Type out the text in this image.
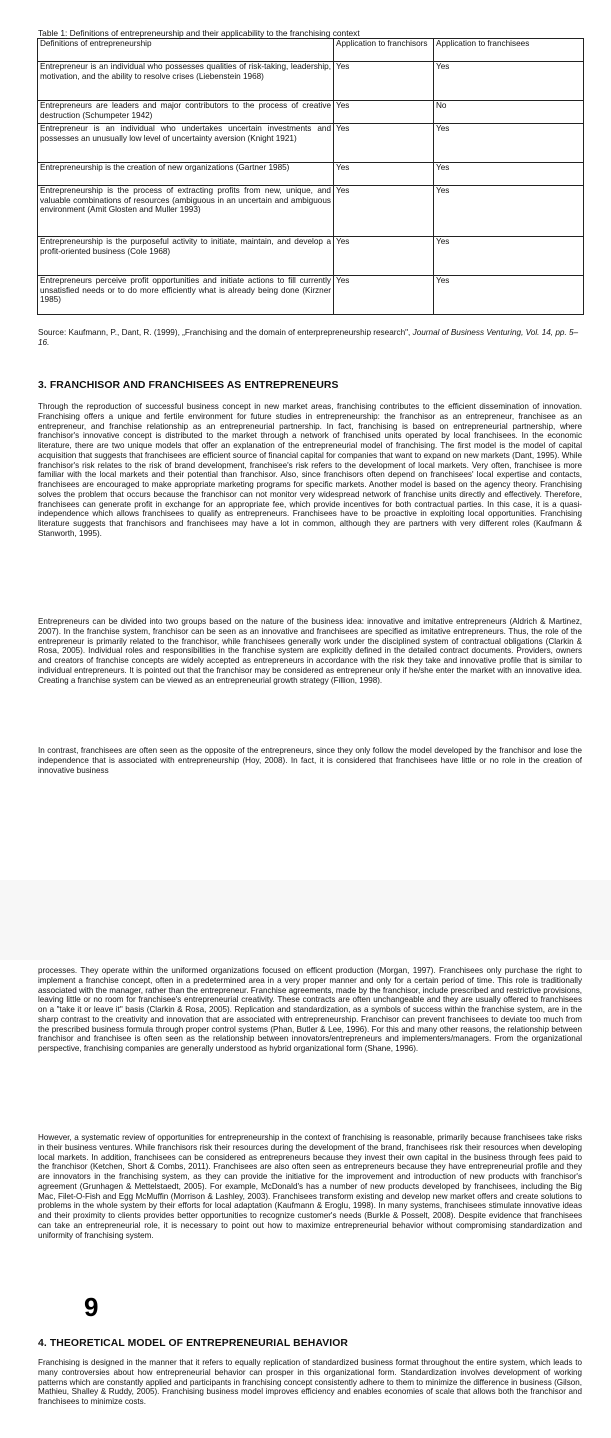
Table 1: Definitions of entrepreneurship and their applicability to the franchising context
Definitions of entrepreneurship	Application to franchisors	Application to franchisees
Entrepreneur is an individual who possesses qualities of risk-taking, leadership, motivation, and the ability to resolve crises (Liebenstein 1968)	Yes	Yes
Entrepreneurs are leaders and major contributors to the process of creative destruction (Schumpeter 1942)	Yes	No
Entrepreneur is an individual who undertakes uncertain investments and possesses an unusually low level of uncertainty aversion (Knight 1921)	Yes	Yes
Entrepreneurship is the creation of new organizations (Gartner 1985)	Yes	Yes
Entrepreneurship is the process of extracting profits from new, unique, and valuable combinations of resources (ambiguous in an uncertain and ambiguous environment (Amit Glosten and Muller 1993)	Yes	Yes
Entrepreneurship is the purposeful activity to initiate, maintain, and develop a profit-oriented business (Cole 1968)	Yes	Yes
Entrepreneurs perceive profit opportunities and initiate actions to fill currently unsatisfied needs or to do more efficiently what is already being done (Kirzner 1985)	Yes	Yes
Source: Kaufmann, P., Dant, R. (1999), „Franchising and the domain of enterprepreneurship research", Journal of Business Venturing, Vol. 14, pp. 5–16.
3. FRANCHISOR AND FRANCHISEES AS ENTREPRENEURS

Through the reproduction of successful business concept in new market areas, franchising contributes to the efficient dissemination of innovation. Franchising offers a unique and fertile environment for future studies in entrepreneurship: the franchisor as an entrepreneur, franchisee as an entrepreneur, and franchise relationship as an entrepreneurial partnership. In fact, franchising is based on entrepreneurial partnership, where franchisor's innovative concept is distributed to the market through a network of franchised units operated by local franchisees. In the economic literature, there are two unique models that offer an explanation of the entrepreneurial model of franchising. The first model is the model of capital acquisition that suggests that franchisees are efficient source of financial capital for companies that want to expand on new markets (Dant, 1995). While franchisor's risk relates to the risk of brand development, franchisee's risk refers to the development of local markets. Very often, franchisee is more familiar with the local markets and their potential than franchisor. Also, since franchisors often depend on franchisees' local expertise and contacts, franchisees are encouraged to make appropriate marketing programs for specific markets. Another model is based on the agency theory. Franchising solves the problem that occurs because the franchisor can not monitor very widespread network of franchise units directly and effectively. Therefore, franchisees can generate profit in exchange for an appropriate fee, which provide incentives for both contractual parties. In this case, it is a quasi-independence which allows franchisees to qualify as entrepreneurs. Franchisees have to be proactive in exploiting local opportunities. Franchising literature suggests that franchisors and franchisees may have a lot in common, although they are partners with very different roles (Kaufmann & Stanworth, 1995).

Entrepreneurs can be divided into two groups based on the nature of the business idea: innovative and imitative entrepreneurs (Aldrich & Martinez, 2007). In the franchise system, franchisor can be seen as an innovative and franchisees are specified as imitative entrepreneurs. Thus, the role of the entrepreneur is primarily related to the franchisor, while franchisees generally work under the disciplined system of contractual obligations (Clarkin & Rosa, 2005). Individual roles and responsibilities in the franchise system are explicitly defined in the detailed contract documents. Providers, owners and creators of franchise concepts are widely accepted as entrepreneurs in accordance with the risk they take and innovative profile that is similar to individual entrepreneurs. It is pointed out that the franchisor may be considered as entrepreneur only if he/she enter the market with an innovative idea. Creating a franchise system can be viewed as an entrepreneurial growth strategy (Fillion, 1998).

In contrast, franchisees are often seen as the opposite of the entrepreneurs, since they only follow the model developed by the franchisor and lose the independence that is associated with entrepreneurship (Hoy, 2008). In fact, it is considered that franchisees have little or no role in the creation of innovative business

processes. They operate within the uniformed organizations focused on efficent production (Morgan, 1997). Franchisees only purchase the right to implement a franchise concept, often in a predetermined area in a very proper manner and only for a certain period of time. This role is traditionally associated with the manager, rather than the entrepreneur. Franchise agreements, made by the franchisor, include prescribed and restrictive provisions, leaving little or no room for franchisee's entrepreneurial creativity. These contracts are often unchangeable and they are usually offered to franchisees on a "take it or leave it" basis (Clarkin & Rosa, 2005). Replication and standardization, as a symbols of success within the franchise system, are in the sharp contrast to the creativity and innovation that are associated with entrepreneurship. Franchisor can prevent franchisees to deviate too much from the prescribed business formula through proper control systems (Phan, Butler & Lee, 1996). For this and many other reasons, the relationship between franchisor and franchisee is often seen as the relationship between innovators/entrepreneurs and implementers/managers. From the organizational perspective, franchising companies are generally understood as hybrid organizational form (Shane, 1996).

However, a systematic review of opportunities for entrepreneurship in the context of franchising is reasonable, primarily because franchisees take risks in their business ventures. While franchisors risk their resources during the development of the brand, franchisees risk their resources when developing local markets. In addition, franchisees can be considered as entrepreneurs because they invest their own capital in the business through fees paid to the franchisor (Ketchen, Short & Combs, 2011). Franchisees are also often seen as entrepreneurs because they have entrepreneurial profile and they are innovators in the franchising system, as they can provide the initiative for the improvement and introduction of new products with franchisor's agreement (Grunhagen & Mettelstaedt, 2005). For example, McDonald's has a number of new products developed by franchisees, including the Big Mac, Filet-O-Fish and Egg McMuffin (Morrison & Lashley, 2003). Franchisees transform existing and develop new market offers and create solutions to problems in the whole system by their efforts for local adaptation (Kaufmann & Eroglu, 1998). In many systems, franchisees stimulate innovative ideas and their proximity to clients provides better opportunities to recognize customer's needs (Burkle & Posselt, 2008). Despite evidence that franchisees can take an entrepreneurial role, it is necessary to point out how to maximize entrepreneurial behavior without compromising standardization and uniformity of franchising system.

9
4. THEORETICAL MODEL OF ENTREPRENEURIAL BEHAVIOR

Franchising is designed in the manner that it refers to equally replication of standardized business format throughout the entire system, which leads to many controversies about how entrepreneurial behavior can prosper in this organizational form. Standardization involves development of working patterns which are constantly applied and participants in franchising concept consistently adhere to them to minimize the difference in business (Gilson, Mathieu, Shalley & Ruddy, 2005). Franchising business model improves efficiency and enables economies of scale that allows both the franchisor and franchisees to minimize costs.
